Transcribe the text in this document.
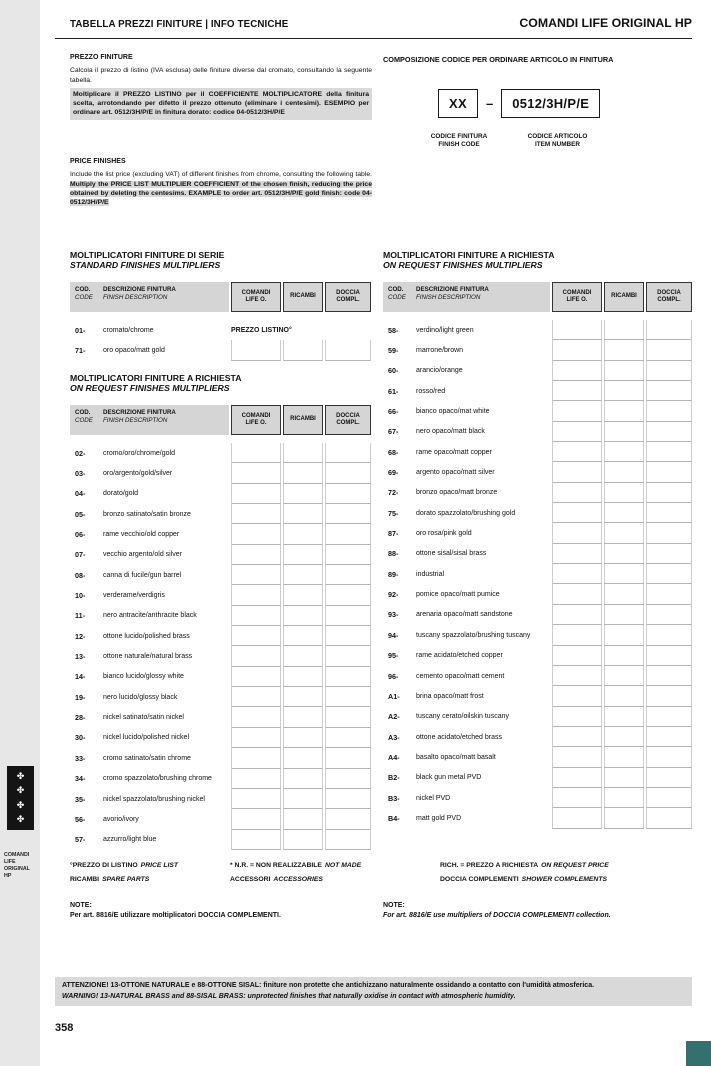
✤
✤
✤
✤
COMANDI
LIFE ORIGINAL
HP
TABELLA PREZZI FINITURE | INFO TECNICHE	COMANDI LIFE ORIGINAL HP
PREZZO FINITURE

Calcola il prezzo di listino (IVA esclusa) delle finiture diverse dal cromato, consultando la seguente tabella.

Moltiplicare il PREZZO LISTINO per il COEFFICIENTE MOLTIPLICATORE della finitura scelta, arrotondando per difetto il prezzo ottenuto (eliminare i centesimi). ESEMPIO per ordinare art. 0512/3H/P/E in finitura dorato: codice 04-0512/3H/P/E

PRICE FINISHES

Include the list price (excluding VAT) of different finishes from chrome, consulting the following table. Multiply the PRICE LIST MULTIPLIER COEFFICIENT of the chosen finish, reducing the price obtained by deleting the centesims. EXAMPLE to order art. 0512/3H/P/E gold finish: code 04-0512/3H/P/E

COMPOSIZIONE CODICE PER ORDINARE ARTICOLO IN FINITURA
XX	–	0512/3H/P/E
CODICE FINITURA
FINISH CODE
CODICE ARTICOLO
ITEM NUMBER
MOLTIPLICATORI FINITURE DI SERIE
STANDARD FINISHES MULTIPLIERS
COD.
CODE
DESCRIZIONE FINITURA
FINISH DESCRIPTION
COMANDI
LIFE O.
RICAMBI
DOCCIA
COMPL.
01-	cromato/chrome	PREZZO LISTINO°
71-	oro opaco/matt gold
MOLTIPLICATORI FINITURE A RICHIESTA
ON REQUEST FINISHES MULTIPLIERS
COD.
CODE
DESCRIZIONE FINITURA
FINISH DESCRIPTION
COMANDI
LIFE O.
RICAMBI
DOCCIA
COMPL.
02-	cromo/oro/chrome/gold
03-	oro/argento/gold/silver
04-	dorato/gold
05-	bronzo satinato/satin bronze
06-	rame vecchio/old copper
07-	vecchio argento/old silver
08-	canna di fucile/gun barrel
10-	verderame/verdigris
11-	nero antracite/anthracite black
12-	ottone lucido/polished brass
13-	ottone naturale/natural brass
14-	bianco lucido/glossy white
19-	nero lucido/glossy black
28-	nickel satinato/satin nickel
30-	nickel lucido/polished nickel
33-	cromo satinato/satin chrome
34-	cromo spazzolato/brushing chrome
35-	nickel spazzolato/brushing nickel
56-	avorio/ivory
57-	azzurro/light blue
MOLTIPLICATORI FINITURE A RICHIESTA
ON REQUEST FINISHES MULTIPLIERS
COD.
CODE
DESCRIZIONE FINITURA
FINISH DESCRIPTION
COMANDI
LIFE O.
RICAMBI
DOCCIA
COMPL.
58-	verdino/light green
59-	marrone/brown
60-	arancio/orange
61-	rosso/red
66-	bianco opaco/mat white
67-	nero opaco/matt black
68-	rame opaco/matt copper
69-	argento opaco/matt silver
72-	bronzo opaco/matt bronze
75-	dorato spazzolato/brushing gold
87-	oro rosa/pink gold
88-	ottone sisal/sisal brass
89-	industrial
92-	pomice opaco/matt pumice
93-	arenaria opaco/matt sandstone
94-	tuscany spazzolato/brushing tuscany
95-	rame acidato/etched copper
96-	cemento opaco/matt cement
A1-	brina opaco/matt frost
A2-	tuscany cerato/oilskin tuscany
A3-	ottone acidato/etched brass
A4-	basalto opaco/matt basalt
B2-	black gun metal PVD
B3-	nickel PVD
B4-	matt gold PVD
°PREZZO DI LISTINO PRICE LIST
RICAMBI SPARE PARTS
* N.R. = NON REALIZZABILE NOT MADE
ACCESSORI ACCESSORIES
RICH. = PREZZO A RICHIESTA ON REQUEST PRICE
DOCCIA COMPLEMENTI SHOWER COMPLEMENTS
NOTE:
Per art. 8816/E utilizzare moltiplicatori DOCCIA COMPLEMENTI.
NOTE:
For art. 8816/E use multipliers of DOCCIA COMPLEMENTI collection.
ATTENZIONE! 13-OTTONE NATURALE e 88-OTTONE SISAL: finiture non protette che antichizzano naturalmente ossidando a contatto con l'umidità atmosferica.
WARNING! 13-NATURAL BRASS and 88-SISAL BRASS: unprotected finishes that naturally oxidise in contact with atmospheric humidity.
358
